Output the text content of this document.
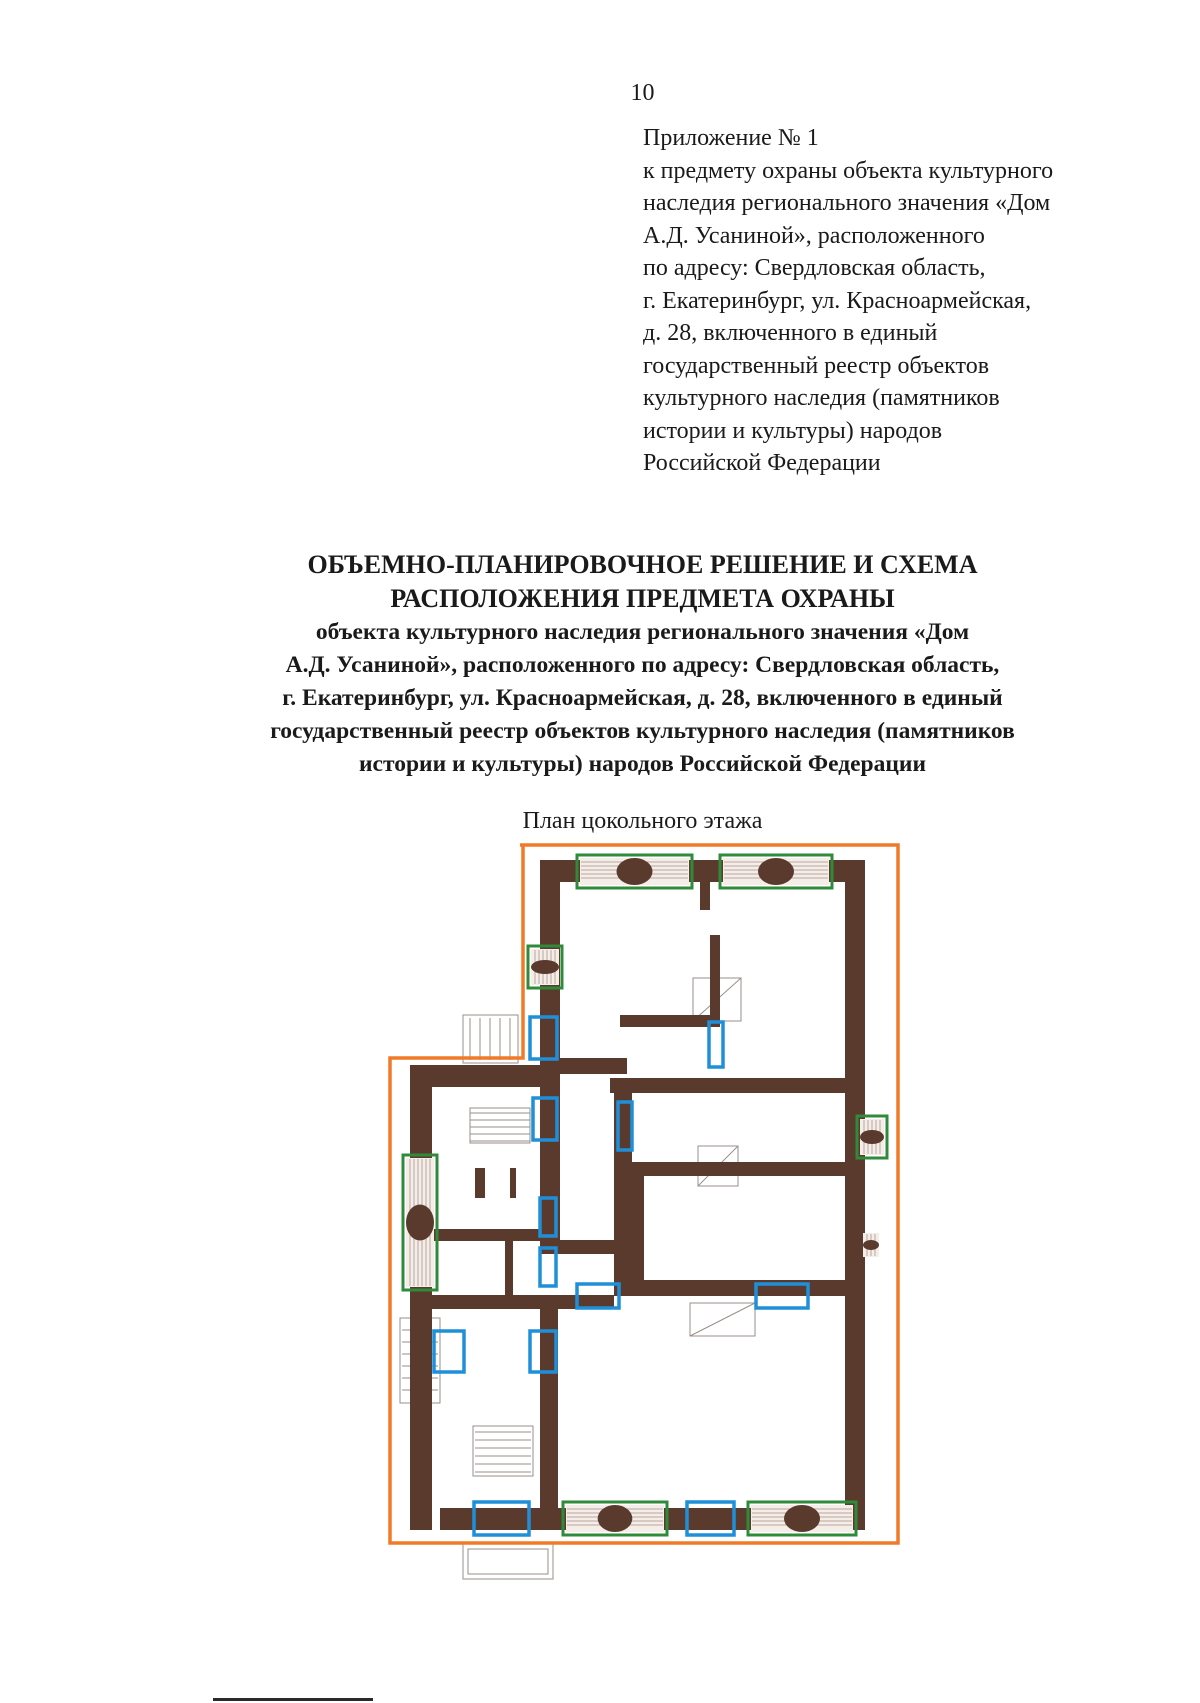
10
Приложение № 1
к предмету охраны объекта культурного
наследия регионального значения «Дом
А.Д. Усаниной», расположенного
по адресу: Свердловская область,
г. Екатеринбург, ул. Красноармейская,
д. 28, включенного в единый
государственный реестр объектов
культурного наследия (памятников
истории и культуры) народов
Российской Федерации
ОБЪЕМНО-ПЛАНИРОВОЧНОЕ РЕШЕНИЕ И СХЕМА
РАСПОЛОЖЕНИЯ ПРЕДМЕТА ОХРАНЫ
объекта культурного наследия регионального значения «Дом
А.Д. Усаниной», расположенного по адресу: Свердловская область,
г. Екатеринбург, ул. Красноармейская, д. 28, включенного в единый
государственный реестр объектов культурного наследия (памятников
истории и культуры) народов Российской Федерации
План цокольного этажа
